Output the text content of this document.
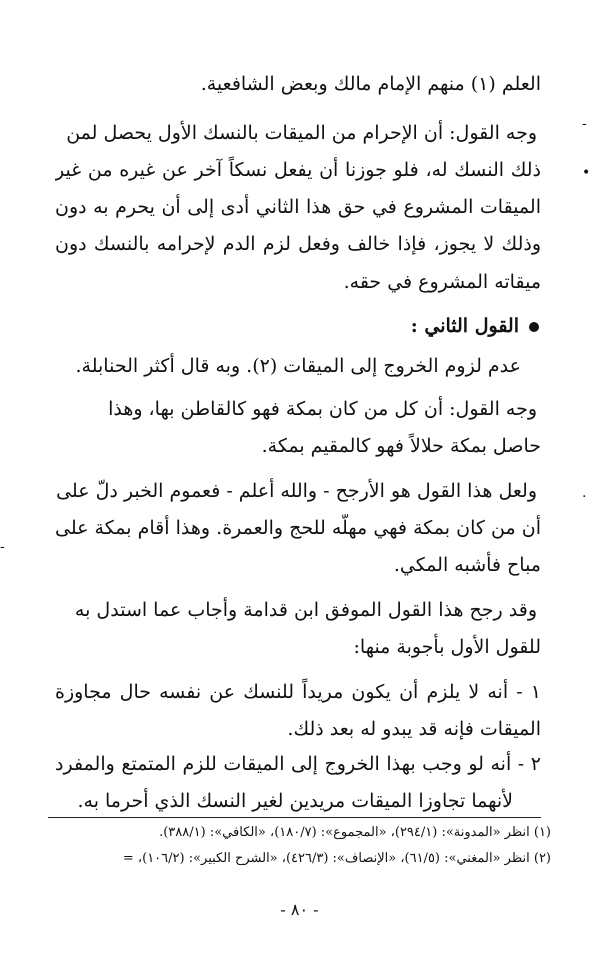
العلم (١) منهم الإمام مالك وبعض الشافعية.
وجه القول: أن الإحرام من الميقات بالنسك الأول يحصل لمن
ذلك النسك له، فلو جوزنا أن يفعل نسكاً آخر عن غيره من غير
الميقات المشروع في حق هذا الثاني أدى إلى أن يحرم به دون
وذلك لا يجوز، فإذا خالف وفعل لزم الدم لإحرامه بالنسك دون
ميقاته المشروع في حقه.
القول الثاني :
عدم لزوم الخروج إلى الميقات (٢). وبه قال أكثر الحنابلة.
وجه القول: أن كل من كان بمكة فهو كالقاطن بها، وهذا
حاصل بمكة حلالاً فهو كالمقيم بمكة.
ولعل هذا القول هو الأرجح - والله أعلم - فعموم الخبر دلّ على
أن من كان بمكة فهي مهلّه للحج والعمرة. وهذا أقام بمكة على
مباح فأشبه المكي.
وقد رجح هذا القول الموفق ابن قدامة وأجاب عما استدل به
للقول الأول بأجوبة منها:
١ - أنه لا يلزم أن يكون مريداً للنسك عن نفسه حال مجاوزة
الميقات فإنه قد يبدو له بعد ذلك.
٢ - أنه لو وجب بهذا الخروج إلى الميقات للزم المتمتع والمفرد
لأنهما تجاوزا الميقات مريدين لغير النسك الذي أحرما به.
(١) انظر «المدونة»: (٢٩٤/١)، «المجموع»: (١٨٠/٧)، «الكافي»: (٣٨٨/١).
(٢) انظر «المغني»: (٦١/٥)، «الإنصاف»: (٤٢٦/٣)، «الشرح الكبير»: (١٠٦/٢)، =
- ٨٠ -
-
•
.
-
